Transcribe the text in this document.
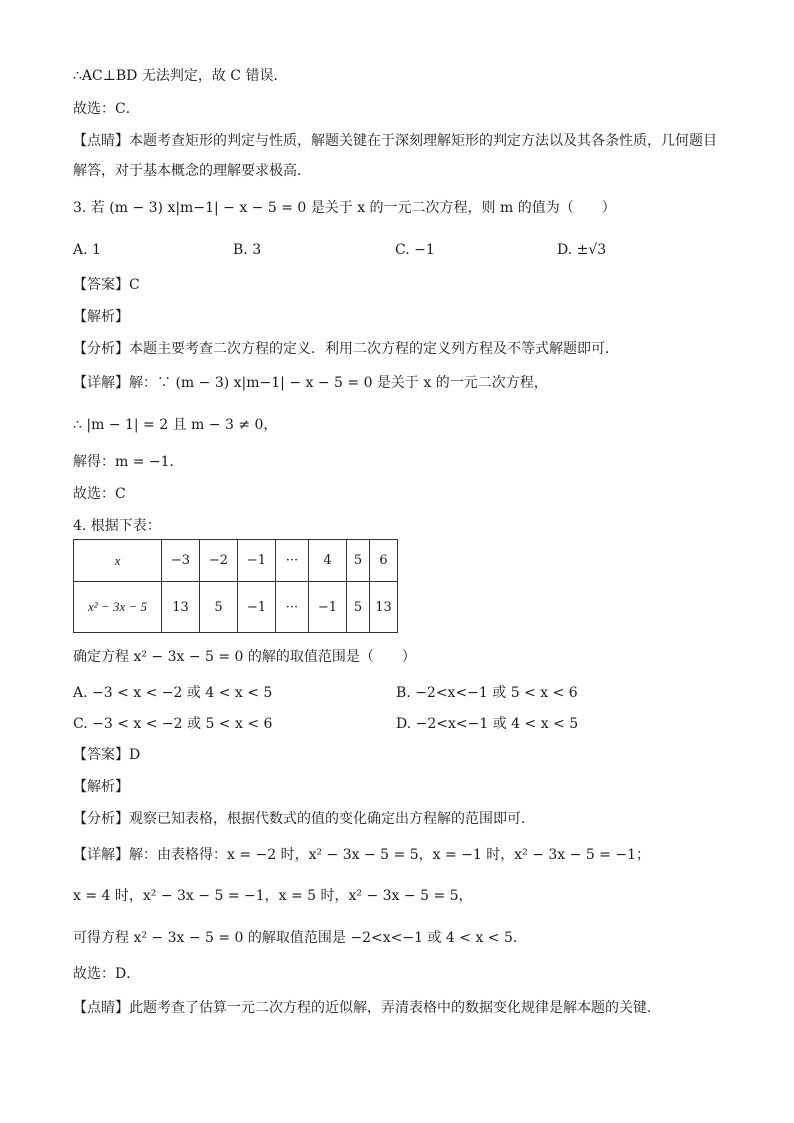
∴AC⊥BD 无法判定，故 C 错误．
故选：C．
【点睛】本题考查矩形的判定与性质，解题关键在于深刻理解矩形的判定方法以及其各条性质，几何题目
解答，对于基本概念的理解要求极高．
3. 若 (m − 3) x|m−1| − x − 5 = 0 是关于 x 的一元二次方程，则 m 的值为（　　）
A. 1	B. 3	C. −1	D. ±√3
【答案】C
【解析】
【分析】本题主要考查二次方程的定义．利用二次方程的定义列方程及不等式解题即可．
【详解】解：∵ (m − 3) x|m−1| − x − 5 = 0 是关于 x 的一元二次方程，
∴ |m − 1| = 2 且 m − 3 ≠ 0，
解得：m = −1．
故选：C
4. 根据下表：
x	−3	−2	−1	···	4	5	6
x² − 3x − 5	13	5	−1	···	−1	5	13
确定方程 x² − 3x − 5 = 0 的解的取值范围是（　　）
A. −3 < x < −2 或 4 < x < 5	B. −2<x<−1 或 5 < x < 6
C. −3 < x < −2 或 5 < x < 6	D. −2<x<−1 或 4 < x < 5
【答案】D
【解析】
【分析】观察已知表格，根据代数式的值的变化确定出方程解的范围即可．
【详解】解：由表格得：x = −2 时，x² − 3x − 5 = 5，x = −1 时，x² − 3x − 5 = −1；
x = 4 时，x² − 3x − 5 = −1，x = 5 时，x² − 3x − 5 = 5，
可得方程 x² − 3x − 5 = 0 的解取值范围是 −2<x<−1 或 4 < x < 5．
故选：D．
【点睛】此题考查了估算一元二次方程的近似解，弄清表格中的数据变化规律是解本题的关键．
